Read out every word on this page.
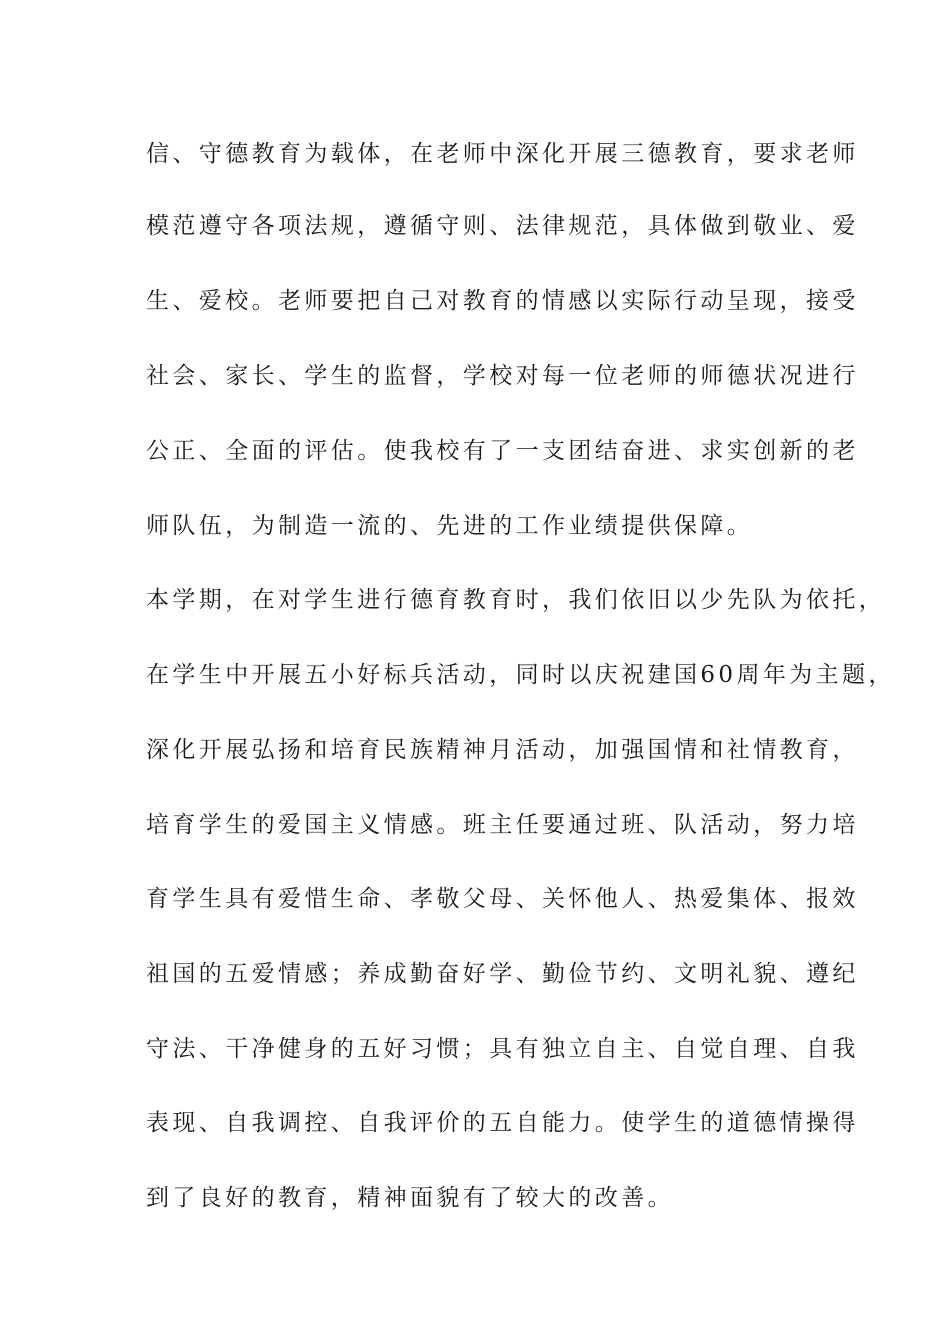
信、守德教育为载体，在老师中深化开展三德教育，要求老师
模范遵守各项法规，遵循守则、法律规范，具体做到敬业、爱
生、爱校。老师要把自己对教育的情感以实际行动呈现，接受
社会、家长、学生的监督，学校对每一位老师的师德状况进行
公正、全面的评估。使我校有了一支团结奋进、求实创新的老
师队伍，为制造一流的、先进的工作业绩提供保障。
本学期，在对学生进行德育教育时，我们依旧以少先队为依托，
在学生中开展五小好标兵活动，同时以庆祝建国60周年为主题，
深化开展弘扬和培育民族精神月活动，加强国情和社情教育，
培育学生的爱国主义情感。班主任要通过班、队活动，努力培
育学生具有爱惜生命、孝敬父母、关怀他人、热爱集体、报效
祖国的五爱情感；养成勤奋好学、勤俭节约、文明礼貌、遵纪
守法、干净健身的五好习惯；具有独立自主、自觉自理、自我
表现、自我调控、自我评价的五自能力。使学生的道德情操得
到了良好的教育，精神面貌有了较大的改善。
